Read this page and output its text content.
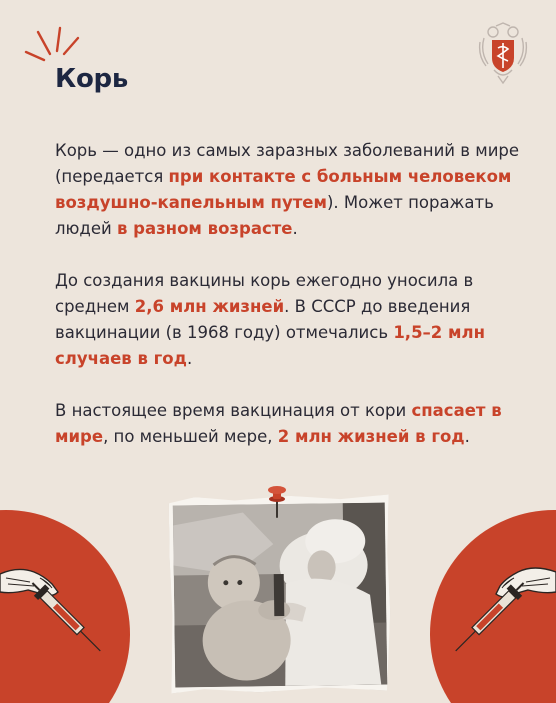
Корь

Корь — одно из самых заразных заболеваний в мире (передается при контакте с больным человеком воздушно-капельным путем). Может поражать людей в разном возрасте.

До создания вакцины корь ежегодно уносила в среднем 2,6 млн жизней. В СССР до введения вакцинации (в 1968 году) отмечались 1,5–2 млн случаев в год.

В настоящее время вакцинация от кори спасает в мире, по меньшей мере, 2 млн жизней в год.
